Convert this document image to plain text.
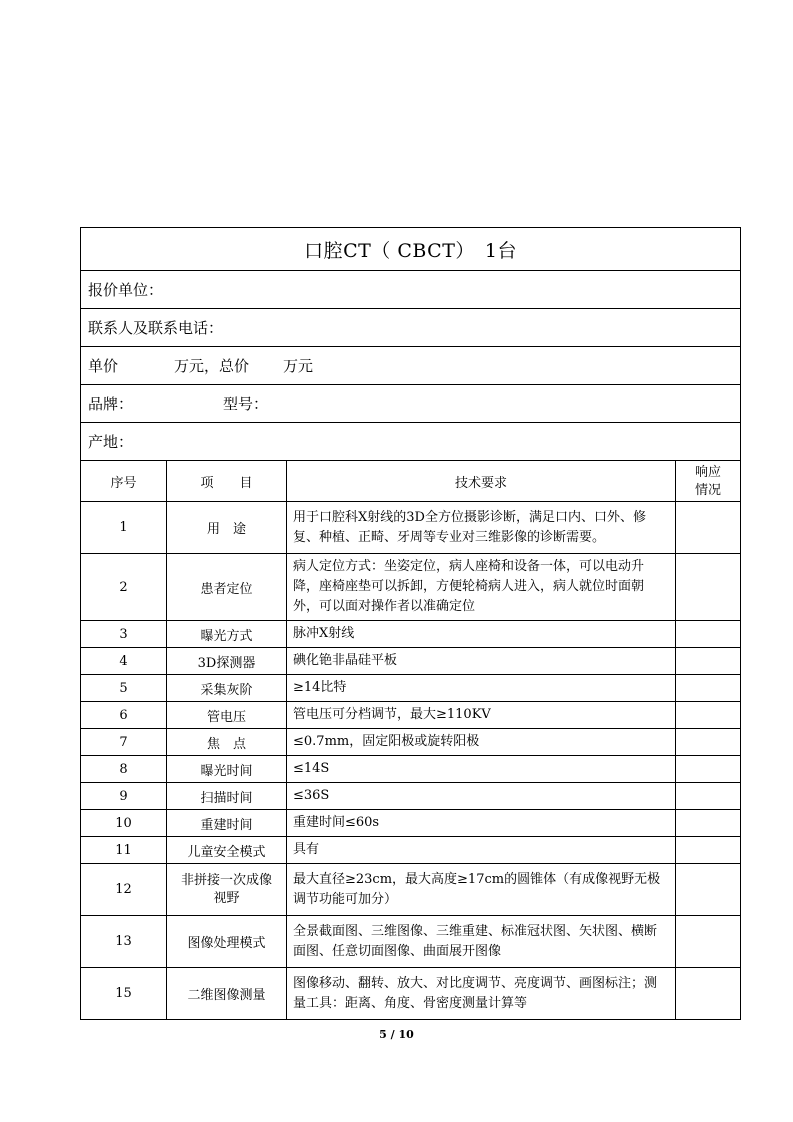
口腔CT（ CBCT）　1台			
报价单位：			
联系人及联系电话：			
单价 万元，总价 万元			
品牌： 型号：			
产地：			
序号	项　　目	技术要求	响应情况
1	用　途	用于口腔科X射线的3D全方位摄影诊断，满足口内、口外、修复、种植、正畸、牙周等专业对三维影像的诊断需要。	
2	患者定位	病人定位方式：坐姿定位，病人座椅和设备一体，可以电动升降，座椅座垫可以拆卸，方便轮椅病人进入，病人就位时面朝外，可以面对操作者以准确定位	
3	曝光方式	脉冲X射线	
4	3D探测器	碘化铯非晶硅平板	
5	采集灰阶	≥14比特	
6	管电压	管电压可分档调节，最大≥110KV	
7	焦　点	≤0.7mm，固定阳极或旋转阳极	
8	曝光时间	≤14S	
9	扫描时间	≤36S	
10	重建时间	重建时间≤60s	
11	儿童安全模式	具有	
12	非拼接一次成像视野	最大直径≥23cm，最大高度≥17cm的圆锥体（有成像视野无极调节功能可加分）	
13	图像处理模式	全景截面图、三维图像、三维重建、标准冠状图、矢状图、横断面图、任意切面图像、曲面展开图像	
15	二维图像测量	图像移动、翻转、放大、对比度调节、亮度调节、画图标注；测量工具：距离、角度、骨密度测量计算等	
5 / 10
